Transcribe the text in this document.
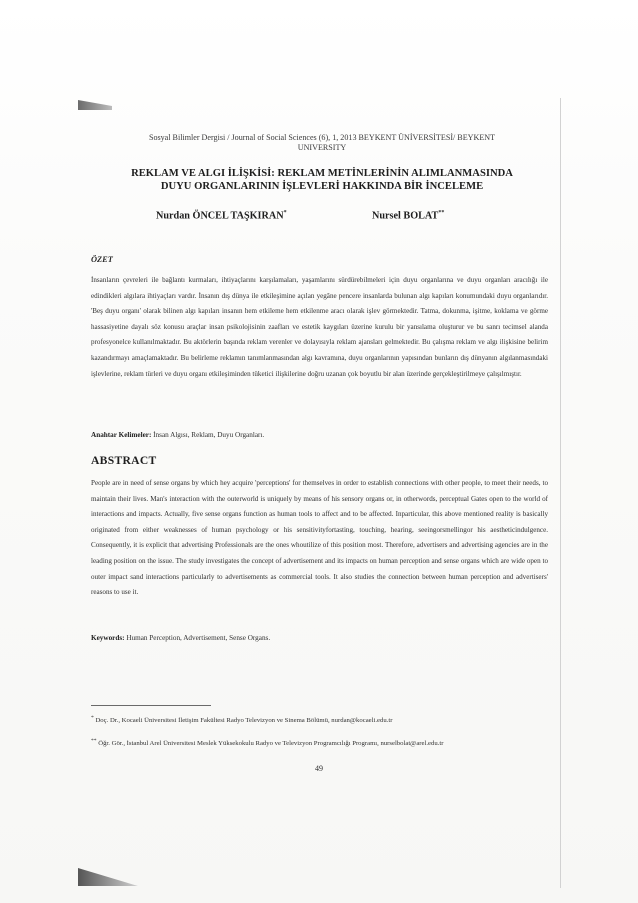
Sosyal Bilimler Dergisi / Journal of Social Sciences (6), 1, 2013 BEYKENT ÜNİVERSİTESİ/ BEYKENT
UNIVERSITY
REKLAM VE ALGI İLİŞKİSİ: REKLAM METİNLERİNİN ALIMLANMASINDA
DUYU ORGANLARININ İŞLEVLERİ HAKKINDA BİR İNCELEME
Nurdan ÖNCEL TAŞKIRAN*	Nursel BOLAT**
ÖZET
İnsanların çevreleri ile bağlantı kurmaları, ihtiyaçlarını karşılamaları, yaşamlarını sürdürebilmeleri için duyu organlarına ve duyu organları aracılığı ile edindikleri algılara ihtiyaçları vardır. İnsanın dış dünya ile etkileşimine açılan yegâne pencere insanlarda bulunan algı kapıları konumundaki duyu organlarıdır. 'Beş duyu organı' olarak bilinen algı kapıları insanın hem etkileme hem etkilenme aracı olarak işlev görmektedir. Tatma, dokunma, işitme, koklama ve görme hassasiyetine dayalı söz konusu araçlar insan psikolojisinin zaafları ve estetik kaygıları üzerine kurulu bir yansılama oluşturur ve bu sanrı tecimsel alanda profesyonelce kullanılmaktadır. Bu aktörlerin başında reklam verenler ve dolayısıyla reklam ajansları gelmektedir. Bu çalışma reklam ve algı ilişkisine belirim kazandırmayı amaçlamaktadır. Bu belirleme reklamın tanımlanmasından algı kavramına, duyu organlarının yapısından bunların dış dünyanın algılanmasındaki işlevlerine, reklam türleri ve duyu organı etkileşiminden tüketici ilişkilerine doğru uzanan çok boyutlu bir alan üzerinde gerçekleştirilmeye çalışılmıştır.
Anahtar Kelimeler: İnsan Algısı, Reklam, Duyu Organları.
ABSTRACT
People are in need of sense organs by which hey acquire 'perceptions' for themselves in order to establish connections with other people, to meet their needs, to maintain their lives. Man's interaction with the outerworld is uniquely by means of his sensory organs or, in otherwords, perceptual Gates open to the world of interactions and impacts. Actually, five sense organs function as human tools to affect and to be affected. Inparticular, this above mentioned reality is basically originated from either weaknesses of human psychology or his sensitivityfortasting, touching, hearing, seeingorsmellingor his aestheticindulgence. Consequently, it is explicit that advertising Professionals are the ones whoutilize of this position most. Therefore, advertisers and advertising agencies are in the leading position on the issue. The study investigates the concept of advertisement and its impacts on human perception and sense organs which are wide open to outer impact sand interactions particularly to advertisements as commercial tools. It also studies the connection between human perception and advertisers' reasons to use it.
Keywords: Human Perception, Advertisement, Sense Organs.
* Doç. Dr., Kocaeli Üniversitesi İletişim Fakültesi Radyo Televizyon ve Sinema Bölümü, nurdan@kocaeli.edu.tr
** Öğr. Gör., İstanbul Arel Üniversitesi Meslek Yüksekokulu Radyo ve Televizyon Programcılığı Programı, nurselbolat@arel.edu.tr
49
